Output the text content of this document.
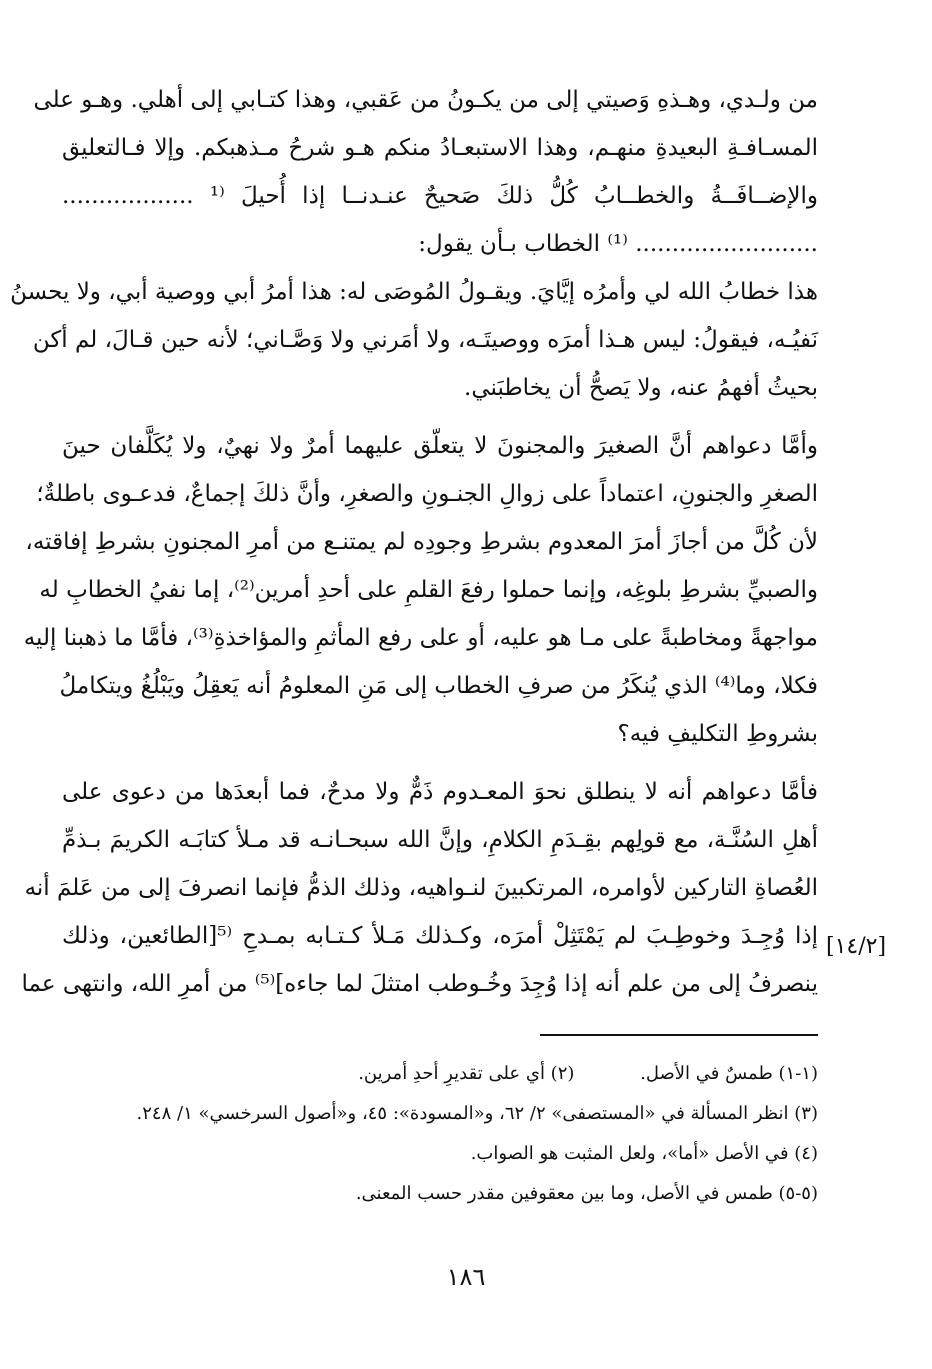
من ولـدي، وهـذهِ وَصيتي إلى من يكـونُ من عَقبي، وهذا كتـابي إلى أهلي. وهـو على
المسـافـةِ البعيدةِ منهـم، وهذا الاستبعـادُ منكم هـو شرحُ مـذهبكم. وإلا فـالتعليق
والإضــافَــةُ والخطــابُ كُلُّ ذلكَ صَحيحٌ عنـدنــا إذا أُحيلَ ⁽¹ ..................
......................... ⁽¹⁾ الخطاب بـأن يقول:
هذا خطابُ الله لي وأمرُه إيَّايَ. ويقـولُ المُوصَى له: هذا أمرُ أبي ووصية أبي، ولا يحسنُ
نَفيُـه، فيقولُ: ليس هـذا أمرَه ووصيتَـه، ولا أمَرني ولا وَصَّـاني؛ لأنه حين قـالَ، لم أكن
بحيثُ أفهمُ عنه، ولا يَصحُّ أن يخاطبَني.
وأمَّا دعواهم أنَّ الصغيرَ والمجنونَ لا يتعلّق عليهما أمرٌ ولا نهيٌ، ولا يُكَلَّفان حينَ
الصغرِ والجنونِ، اعتماداً على زوالِ الجنـونِ والصغرِ، وأنَّ ذلكَ إجماعٌ، فدعـوى باطلةٌ؛
لأن كُلَّ من أجازَ أمرَ المعدوم بشرطِ وجودِه لم يمتنـع من أمرِ المجنونِ بشرطِ إفاقته،
والصبيِّ بشرطِ بلوغِه، وإنما حملوا رفعَ القلمِ على أحدِ أمرين⁽²⁾، إما نفيُ الخطابِ له
مواجهةً ومخاطبةً على مـا هو عليه، أو على رفع المأثمِ والمؤاخذةِ⁽³⁾، فأمَّا ما ذهبنا إليه
فكلا، وما⁽⁴⁾ الذي يُنكَرُ من صرفِ الخطاب إلى مَنِ المعلومُ أنه يَعقِلُ ويَبْلُغُ ويتكاملُ
بشروطِ التكليفِ فيه؟
فأمَّا دعواهم أنه لا ينطلق نحوَ المعـدوم ذَمٌّ ولا مدحٌ، فما أبعدَها من دعوى على
أهلِ السُنَّـة، مع قولِهم بقِـدَمِ الكلامِ، وإنَّ الله سبحـانـه قد مـلأ كتابَـه الكريمَ بـذمِّ
العُصاةِ التاركين لأوامره، المرتكبينَ لنـواهيه، وذلك الذمُّ فإنما انصرفَ إلى من عَلمَ أنه
إذا وُجِـدَ وخوطِـبَ لم يَمْتَثِلْ أمرَه، وكـذلك مَـلأ كـتـابه بمـدحِ ⁽⁵[الطائعين، وذلك
ينصرفُ إلى من علم أنه إذا وُجِدَ وخُـوطب امتثلَ لما جاءه]⁽⁵⁾ من أمرِ الله، وانتهى عما
[١٤/٢]
(١-١) طمسٌ في الأصل. (٢) أي على تقديرِ أحدِ أمرين.
(٣) انظر المسألة في «المستصفى» ٢/ ٦٢، و«المسودة»: ٤٥، و«أصول السرخسي» ١/ ٢٤٨.
(٤) في الأصل «أما»، ولعل المثبت هو الصواب.
(٥-٥) طمس في الأصل، وما بين معقوفين مقدر حسب المعنى.
١٨٦
